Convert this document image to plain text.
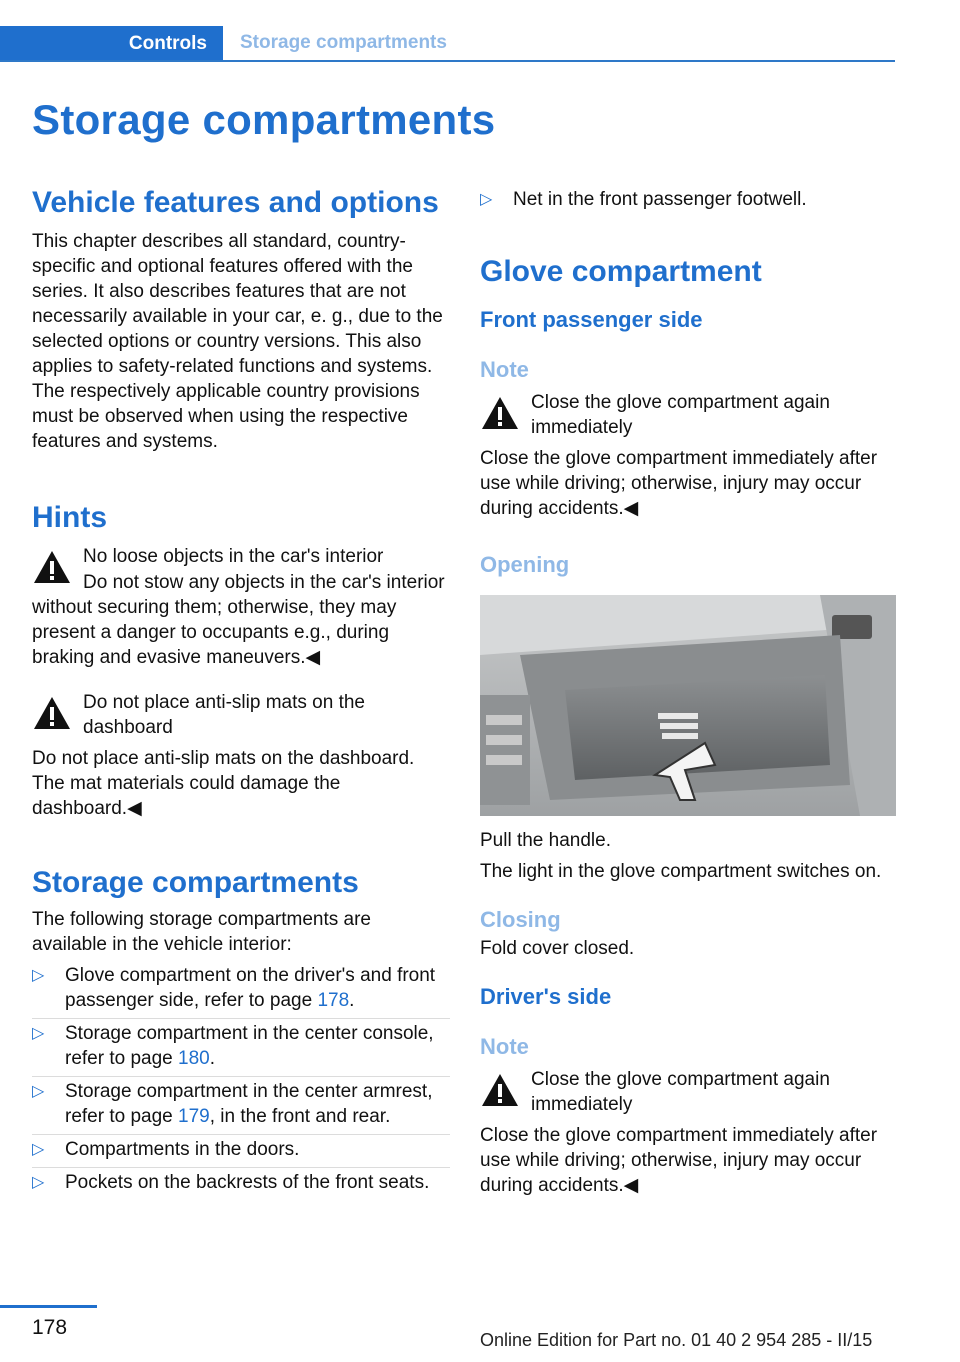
Controls	Storage compartments
Storage compartments
Vehicle features and options

This chapter describes all standard, country-specific and optional features offered with the series. It also describes features that are not necessarily available in your car, e. g., due to the selected options or country versions. This also applies to safety-related functions and systems. The respectively applicable country provisions must be observed when using the respective features and systems.

Hints

No loose objects in the car's interior

Do not stow any objects in the car's interior without securing them; otherwise, they may present a danger to occupants e.g., during braking and evasive maneuvers.◀

Do not place anti-slip mats on the dashboard

Do not place anti-slip mats on the dashboard. The mat materials could damage the dashboard.◀

Storage compartments

The following storage compartments are available in the vehicle interior:

▷ Glove compartment on the driver's and front passenger side, refer to page 178.
▷ Storage compartment in the center console, refer to page 180.
▷ Storage compartment in the center armrest, refer to page 179, in the front and rear.
▷ Compartments in the doors.
▷ Pockets on the backrests of the front seats.
▷ Net in the front passenger footwell.
Glove compartment
Front passenger side
Note

Close the glove compartment again immediately

Close the glove compartment immediately after use while driving; otherwise, injury may occur during accidents.◀

Opening

Pull the handle.

The light in the glove compartment switches on.

Closing

Fold cover closed.

Driver's side
Note

Close the glove compartment again immediately

Close the glove compartment immediately after use while driving; otherwise, injury may occur during accidents.◀

178
Online Edition for Part no. 01 40 2 954 285 - II/15
